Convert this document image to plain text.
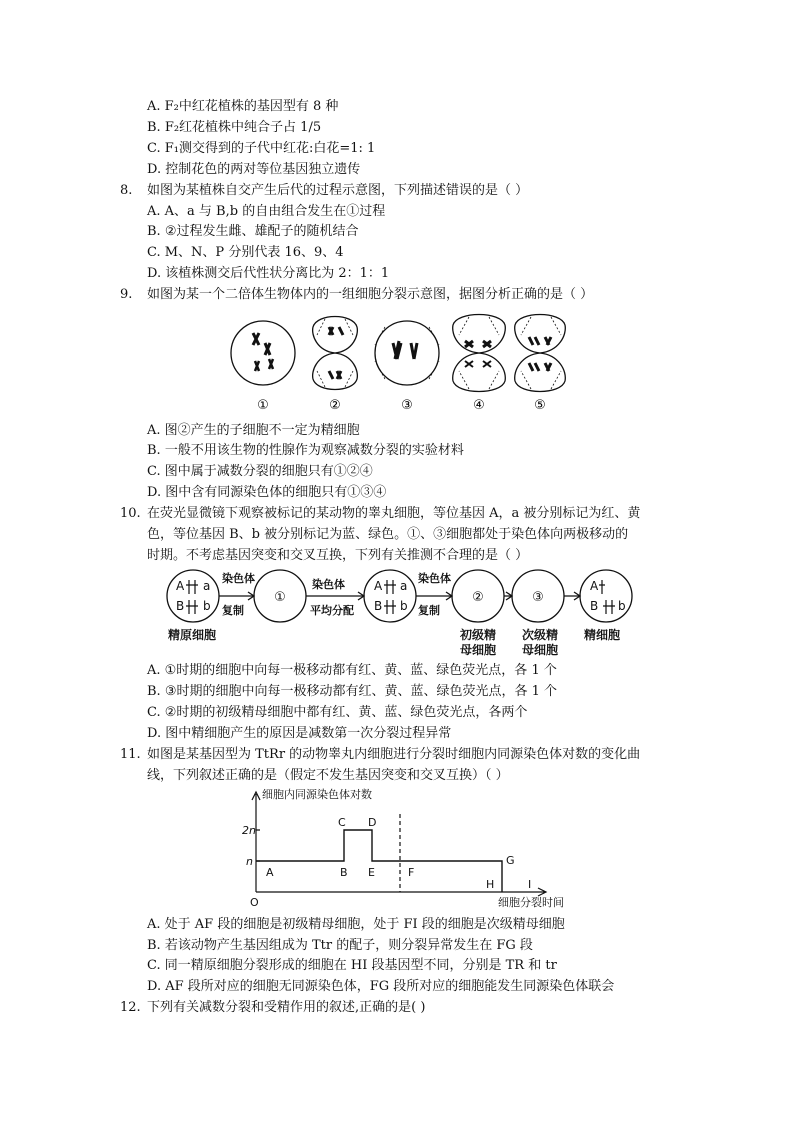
A. F₂中红花植株的基因型有 8 种
B. F₂红花植株中纯合子占 1/5
C. F₁测交得到的子代中红花:白花=1: 1
D. 控制花色的两对等位基因独立遗传
8. 如图为某植株自交产生后代的过程示意图，下列描述错误的是（ ）
A. A、a 与 B,b 的自由组合发生在①过程
B. ②过程发生雌、雄配子的随机结合
C. M、N、P 分别代表 16、9、4
D. 该植株测交后代性状分离比为 2：1：1
9. 如图为某一个二倍体生物体内的一组细胞分裂示意图，据图分析正确的是（ ）
①	②	③	④	⑤
A. 图②产生的子细胞不一定为精细胞
B. 一般不用该生物的性腺作为观察减数分裂的实验材料
C. 图中属于减数分裂的细胞只有①②④
D. 图中含有同源染色体的细胞只有①③④
10. 在荧光显微镜下观察被标记的某动物的睾丸细胞，等位基因 A，a 被分别标记为红、黄
色，等位基因 B、b 被分别标记为蓝、绿色。①、③细胞都处于染色体向两极移动的
时期。不考虑基因突变和交叉互换，下列有关推测不合理的是（ ）
染色体
复制
染色体
平均分配
染色体
复制
A a
B b
A a
B b
A
B b
①	②	③
精原细胞	初级精
母细胞
次级精
母细胞
精细胞
A. ①时期的细胞中向每一极移动都有红、黄、蓝、绿色荧光点，各 1 个
B. ③时期的细胞中向每一极移动都有红、黄、蓝、绿色荧光点，各 1 个
C. ②时期的初级精母细胞中都有红、黄、蓝、绿色荧光点，各两个
D. 图中精细胞产生的原因是减数第一次分裂过程异常
11. 如图是某基因型为 TtRr 的动物睾丸内细胞进行分裂时细胞内同源染色体对数的变化曲
线，下列叙述正确的是（假定不发生基因突变和交叉互换）（ ）
细胞内同源染色体对数
2n
n
O	细胞分裂时间
A	B
C D
E	F
G
H	I
A. 处于 AF 段的细胞是初级精母细胞，处于 FI 段的细胞是次级精母细胞
B. 若该动物产生基因组成为 Ttr 的配子，则分裂异常发生在 FG 段
C. 同一精原细胞分裂形成的细胞在 HI 段基因型不同，分别是 TR 和 tr
D. AF 段所对应的细胞无同源染色体，FG 段所对应的细胞能发生同源染色体联会
12. 下列有关减数分裂和受精作用的叙述,正确的是( )
